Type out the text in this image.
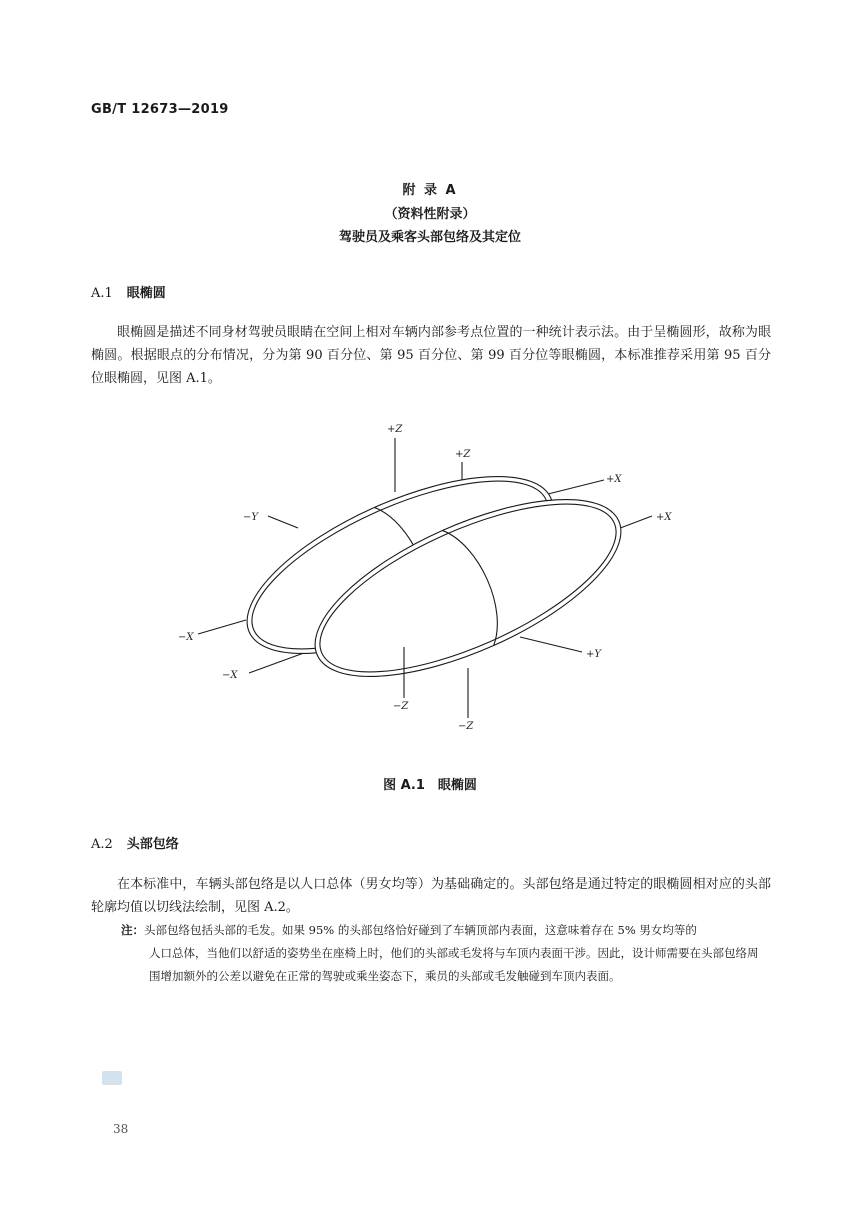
GB/T 12673—2019
附 录 A
（资料性附录）
驾驶员及乘客头部包络及其定位
A.1 眼椭圆
眼椭圆是描述不同身材驾驶员眼睛在空间上相对车辆内部参考点位置的一种统计表示法。由于呈椭圆形，故称为眼椭圆。根据眼点的分布情况，分为第 90 百分位、第 95 百分位、第 99 百分位等眼椭圆，本标准推荐采用第 95 百分位眼椭圆，见图 A.1。
+Z
+Z
+X
+X
−Y
+Y
−X
−X
−Z
−Z
图 A.1　眼椭圆
A.2 头部包络
在本标准中，车辆头部包络是以人口总体（男女均等）为基础确定的。头部包络是通过特定的眼椭圆相对应的头部轮廓均值以切线法绘制，见图 A.2。
注：头部包络包括头部的毛发。如果 95% 的头部包络恰好碰到了车辆顶部内表面，这意味着存在 5% 男女均等的
人口总体，当他们以舒适的姿势坐在座椅上时，他们的头部或毛发将与车顶内表面干涉。因此，设计师需要在头部包络周围增加额外的公差以避免在正常的驾驶或乘坐姿态下，乘员的头部或毛发触碰到车顶内表面。
38
